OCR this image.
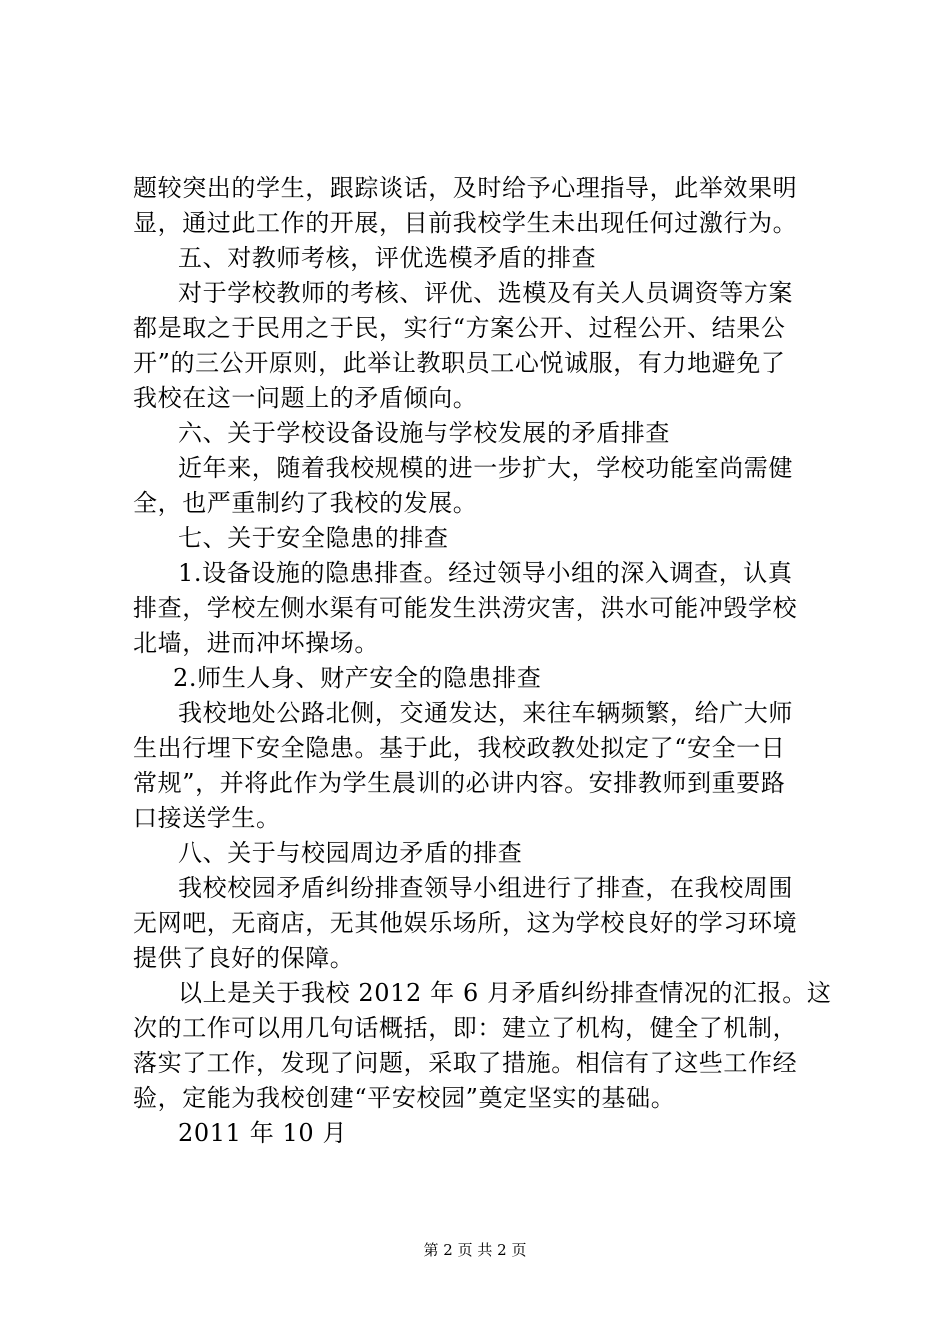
题较突出的学生，跟踪谈话，及时给予心理指导，此举效果明
显，通过此工作的开展，目前我校学生未出现任何过激行为。
五、对教师考核，评优选模矛盾的排查
对于学校教师的考核、评优、选模及有关人员调资等方案
都是取之于民用之于民，实行“方案公开、过程公开、结果公
开”的三公开原则，此举让教职员工心悦诚服，有力地避免了
我校在这一问题上的矛盾倾向。
六、关于学校设备设施与学校发展的矛盾排查
近年来，随着我校规模的进一步扩大，学校功能室尚需健
全，也严重制约了我校的发展。
七、关于安全隐患的排查
1.设备设施的隐患排查。经过领导小组的深入调查，认真
排查，学校左侧水渠有可能发生洪涝灾害，洪水可能冲毁学校
北墙，进而冲坏操场。
2.师生人身、财产安全的隐患排查
我校地处公路北侧，交通发达，来往车辆频繁，给广大师
生出行埋下安全隐患。基于此，我校政教处拟定了“安全一日
常规”，并将此作为学生晨训的必讲内容。安排教师到重要路
口接送学生。
八、关于与校园周边矛盾的排查
我校校园矛盾纠纷排查领导小组进行了排查，在我校周围
无网吧，无商店，无其他娱乐场所，这为学校良好的学习环境
提供了良好的保障。
以上是关于我校 2012 年 6 月矛盾纠纷排查情况的汇报。这
次的工作可以用几句话概括，即：建立了机构，健全了机制，
落实了工作，发现了问题，采取了措施。相信有了这些工作经
验，定能为我校创建“平安校园”奠定坚实的基础。
2011 年 10 月
第 2 页 共 2 页
